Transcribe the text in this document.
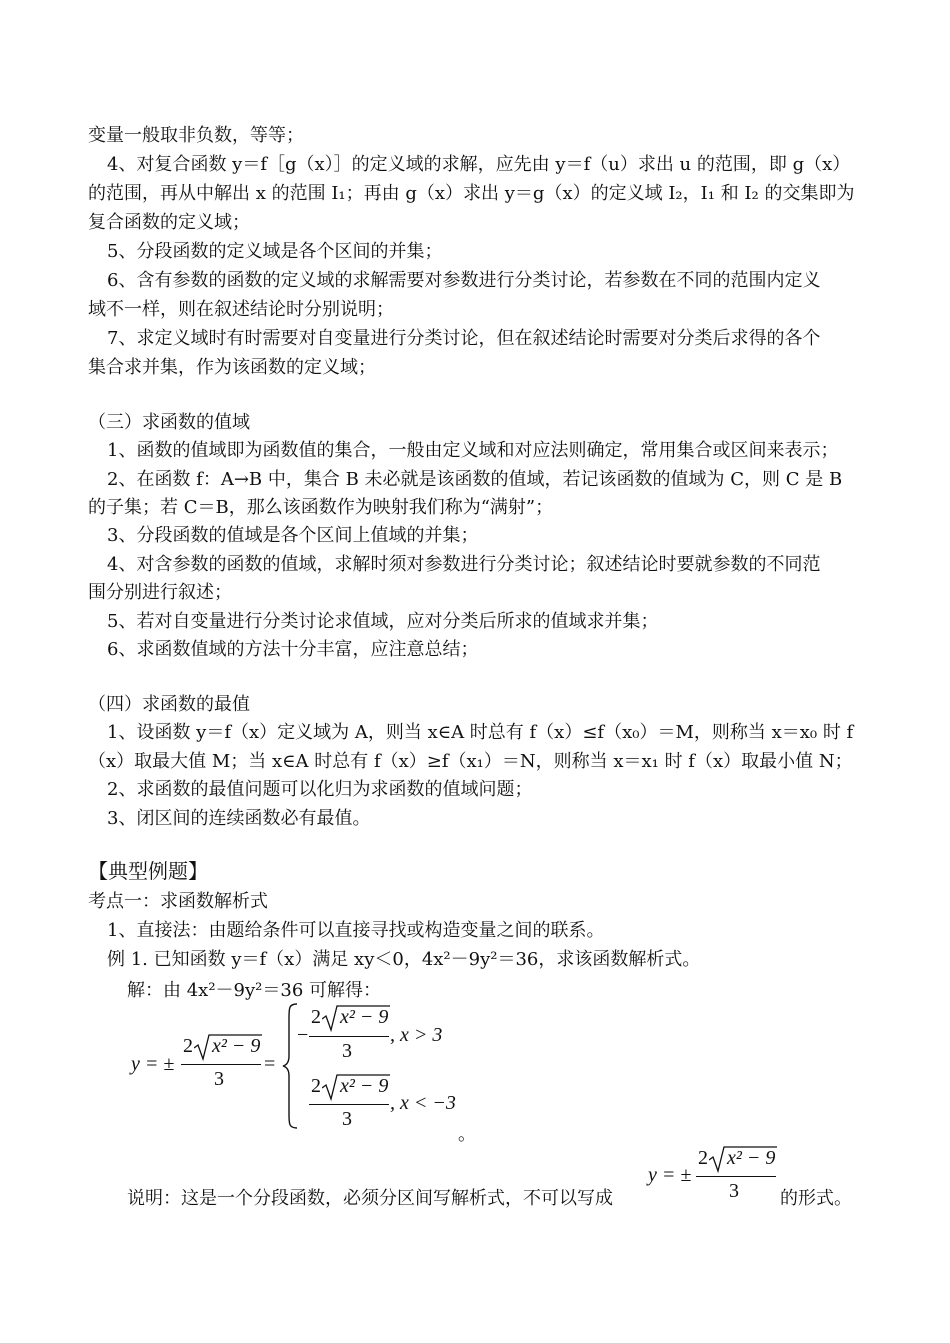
变量一般取非负数，等等；
4、对复合函数 y＝f［g（x）］的定义域的求解，应先由 y＝f（u）求出 u 的范围，即 g（x）
的范围，再从中解出 x 的范围 I₁；再由 g（x）求出 y＝g（x）的定义域 I₂，I₁ 和 I₂ 的交集即为
复合函数的定义域；
5、分段函数的定义域是各个区间的并集；
6、含有参数的函数的定义域的求解需要对参数进行分类讨论，若参数在不同的范围内定义
域不一样，则在叙述结论时分别说明；
7、求定义域时有时需要对自变量进行分类讨论，但在叙述结论时需要对分类后求得的各个
集合求并集，作为该函数的定义域；
（三）求函数的值域
1、函数的值域即为函数值的集合，一般由定义域和对应法则确定，常用集合或区间来表示；
2、在函数 f：A→B 中，集合 B 未必就是该函数的值域，若记该函数的值域为 C，则 C 是 B
的子集；若 C＝B，那么该函数作为映射我们称为“满射”；
3、分段函数的值域是各个区间上值域的并集；
4、对含参数的函数的值域，求解时须对参数进行分类讨论；叙述结论时要就参数的不同范
围分别进行叙述；
5、若对自变量进行分类讨论求值域，应对分类后所求的值域求并集；
6、求函数值域的方法十分丰富，应注意总结；
（四）求函数的最值
1、设函数 y＝f（x）定义域为 A，则当 x∈A 时总有 f（x）≤f（x₀）＝M，则称当 x＝x₀ 时 f
（x）取最大值 M；当 x∈A 时总有 f（x）≥f（x₁）＝N，则称当 x＝x₁ 时 f（x）取最小值 N；
2、求函数的最值问题可以化归为求函数的值域问题；
3、闭区间的连续函数必有最值。
【典型例题】
考点一：求函数解析式
1、直接法：由题给条件可以直接寻找或构造变量之间的联系。
例 1. 已知函数 y＝f（x）满足 xy＜0，4x²－9y²＝36，求该函数解析式。
解：由 4x²－9y²＝36 可解得：
y = ±
2 x² − 9
3
=
−
2 x² − 9
3
, x > 3
2 x² − 9
3
, x < −3
。
说明：这是一个分段函数，必须分区间写解析式，不可以写成
y = ±
2 x² − 9
3 的形式。
